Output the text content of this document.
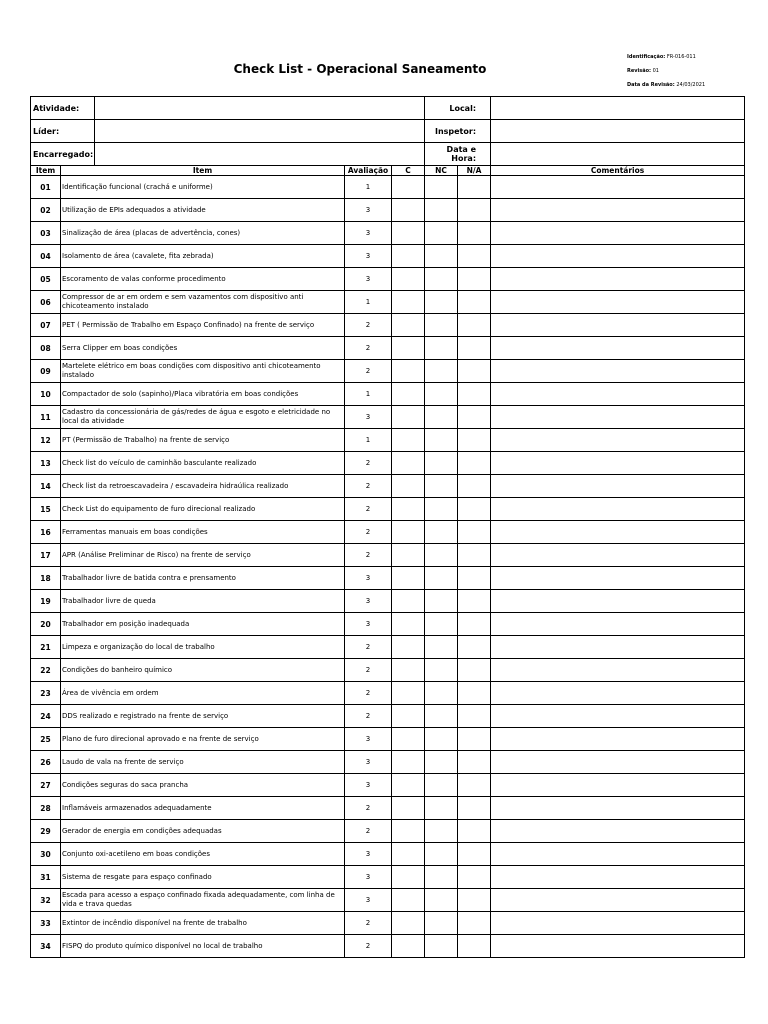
Check List - Operacional Saneamento
Identificação: FR-016-011
Revisão: 01
Data da Revisão: 24/03/2021
Atividade:					Local:		
Líder:					Inspetor:		
Encarregado:					Data e Hora:		
Item	Item		Avaliação	C	NC	N/A	Comentários
01	Identificação funcional (crachá e uniforme)		1				
02	Utilização de EPIs adequados a atividade		3				
03	Sinalização de área (placas de advertência, cones)		3				
04	Isolamento de área (cavalete, fita zebrada)		3				
05	Escoramento de valas conforme procedimento		3				
06	Compressor de ar em ordem e sem vazamentos com dispositivo anti chicoteamento instalado		1				
07	PET ( Permissão de Trabalho em Espaço Confinado) na frente de serviço		2				
08	Serra Clipper em boas condições		2				
09	Martelete elétrico em boas condições com dispositivo anti chicoteamento instalado		2				
10	Compactador de solo (sapinho)/Placa vibratória em boas condições		1				
11	Cadastro da concessionária de gás/redes de água e esgoto e eletricidade no local da atividade		3				
12	PT (Permissão de Trabalho) na frente de serviço		1				
13	Check list do veículo de caminhão basculante realizado		2				
14	Check list da retroescavadeira / escavadeira hidraúlica realizado		2				
15	Check List do equipamento de furo direcional realizado		2				
16	Ferramentas manuais em boas condições		2				
17	APR (Análise Preliminar de Risco) na frente de serviço		2				
18	Trabalhador livre de batida contra e prensamento		3				
19	Trabalhador livre de queda		3				
20	Trabalhador em posição inadequada		3				
21	Limpeza e organização do local de trabalho		2				
22	Condições do banheiro químico		2				
23	Área de vivência em ordem		2				
24	DDS realizado e registrado na frente de serviço		2				
25	Plano de furo direcional aprovado e na frente de serviço		3				
26	Laudo de vala na frente de serviço		3				
27	Condições seguras do saca prancha		3				
28	Inflamáveis armazenados adequadamente		2				
29	Gerador de energia em condições adequadas		2				
30	Conjunto oxi-acetileno em boas condições		3				
31	Sistema de resgate para espaço confinado		3				
32	Escada para acesso a espaço confinado fixada adequadamente, com linha de vida e trava quedas		3				
33	Extintor de incêndio disponível na frente de trabalho		2				
34	FISPQ do produto químico disponível no local de trabalho		2				
